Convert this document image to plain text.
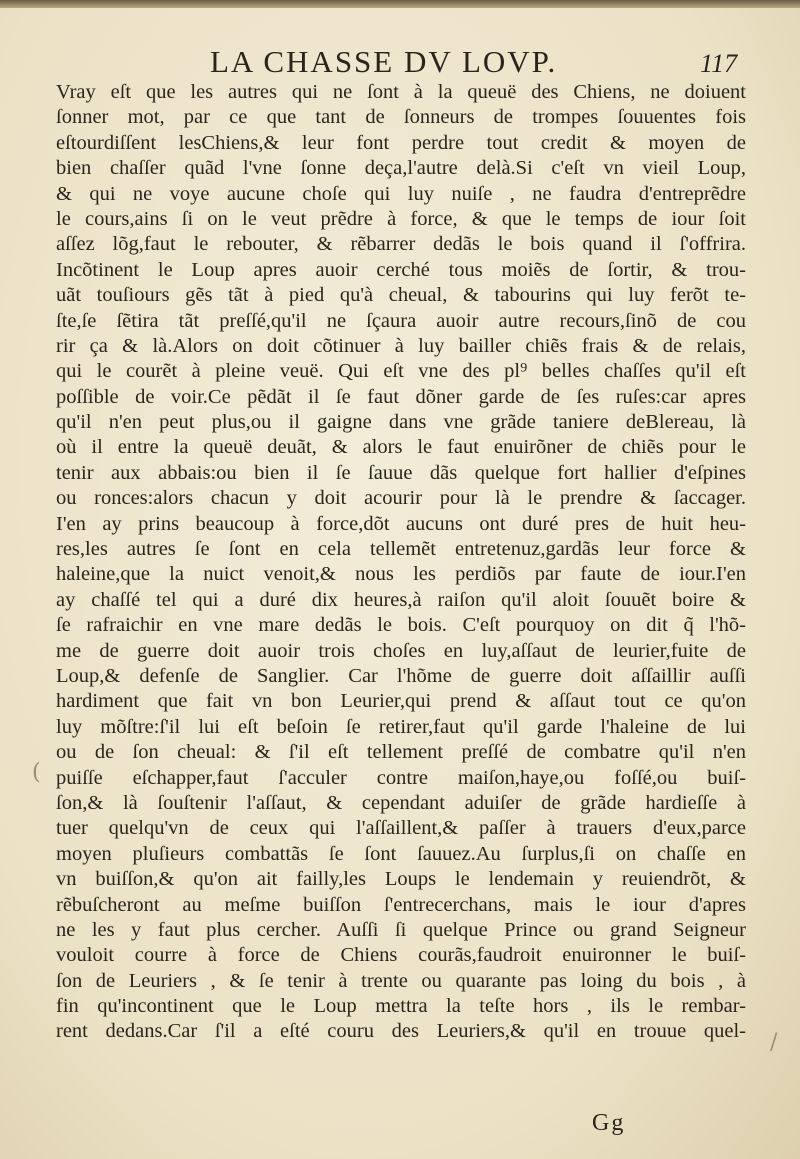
LA CHASSE DV LOVP.	117
Vray eſt que les autres qui ne ſont à la queuë des Chiens, ne doiuent
ſonner mot, par ce que tant de ſonneurs de trompes ſouuentes fois
eſtourdiſſent lesChiens,& leur font perdre tout credit & moyen de
bien chaſſer quãd l'vne ſonne deça,l'autre delà.Si c'eſt vn vieil Loup,
& qui ne voye aucune choſe qui luy nuiſe , ne faudra d'entreprẽdre
le cours,ains ſi on le veut prẽdre à force, & que le temps de iour ſoit
aſſez lõg,faut le rebouter, & rẽbarrer dedãs le bois quand il ſ'offrira.
Incõtinent le Loup apres auoir cerché tous moiẽs de ſortir, & trou-
uãt touſiours gẽs tãt à pied qu'à cheual, & tabourins qui luy ferõt te-
ſte,ſe ſẽtira tãt preſſé,qu'il ne ſçaura auoir autre recours,ſinõ de cou
rir ça & là.Alors on doit cõtinuer à luy bailler chiẽs frais & de relais,
qui le courẽt à pleine veuë. Qui eſt vne des pl⁹ belles chaſſes qu'il eſt
poſſible de voir.Ce pẽdãt il ſe faut dõner garde de ſes ruſes:car apres
qu'il n'en peut plus,ou il gaigne dans vne grãde taniere deBlereau, là
où il entre la queuë deuãt, & alors le faut enuirõner de chiẽs pour le
tenir aux abbais:ou bien il ſe ſauue dãs quelque fort hallier d'eſpines
ou ronces:alors chacun y doit acourir pour là le prendre & ſaccager.
I'en ay prins beaucoup à force,dõt aucuns ont duré pres de huit heu-
res,les autres ſe ſont en cela tellemẽt entretenuz,gardãs leur force &
haleine,que la nuict venoit,& nous les perdiõs par faute de iour.I'en
ay chaſſé tel qui a duré dix heures,à raiſon qu'il aloit ſouuẽt boire &
ſe rafraichir en vne mare dedãs le bois. C'eſt pourquoy on dit q̃ l'hõ-
me de guerre doit auoir trois choſes en luy,aſſaut de leurier,fuite de
Loup,& defenſe de Sanglier. Car l'hõme de guerre doit aſſaillir auſſi
hardiment que fait vn bon Leurier,qui prend & aſſaut tout ce qu'on
luy mõſtre:ſ'il lui eſt beſoin ſe retirer,faut qu'il garde l'haleine de lui
ou de ſon cheual: & ſ'il eſt tellement preſſé de combatre qu'il n'en
puiſſe eſchapper,faut ſ'acculer contre maiſon,haye,ou foſſé,ou buiſ-
ſon,& là ſouſtenir l'aſſaut, & cependant aduiſer de grãde hardieſſe à
tuer quelqu'vn de ceux qui l'aſſaillent,& paſſer à trauers d'eux,parce
moyen pluſieurs combattãs ſe ſont ſauuez.Au ſurplus,ſi on chaſſe en
vn buiſſon,& qu'on ait failly,les Loups le lendemain y reuiendrõt, &
rẽbuſcheront au meſme buiſſon ſ'entrecerchans, mais le iour d'apres
ne les y faut plus cercher. Auſſi ſi quelque Prince ou grand Seigneur
vouloit courre à force de Chiens courãs,faudroit enuironner le buiſ-
ſon de Leuriers , & ſe tenir à trente ou quarante pas loing du bois , à
fin qu'incontinent que le Loup mettra la teſte hors , ils le rembar-
rent dedans.Car ſ'il a eſté couru des Leuriers,& qu'il en trouue quel-
Gg
(
/
